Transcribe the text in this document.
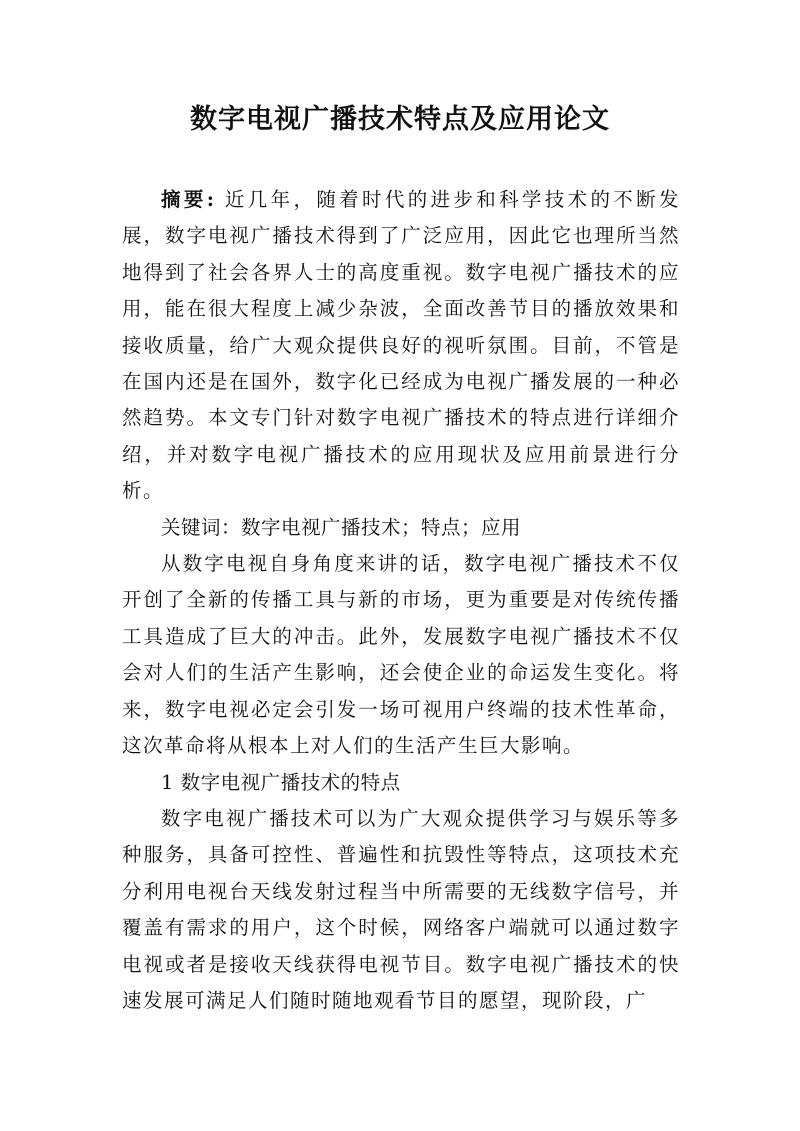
数字电视广播技术特点及应用论文

摘要: 近几年，随着时代的进步和科学技术的不断发展，数字电视广播技术得到了广泛应用，因此它也理所当然地得到了社会各界人士的高度重视。数字电视广播技术的应用，能在很大程度上减少杂波，全面改善节目的播放效果和接收质量，给广大观众提供良好的视听氛围。目前，不管是在国内还是在国外，数字化已经成为电视广播发展的一种必然趋势。本文专门针对数字电视广播技术的特点进行详细介绍，并对数字电视广播技术的应用现状及应用前景进行分析。

关键词：数字电视广播技术；特点；应用

从数字电视自身角度来讲的话，数字电视广播技术不仅开创了全新的传播工具与新的市场，更为重要是对传统传播工具造成了巨大的冲击。此外，发展数字电视广播技术不仅会对人们的生活产生影响，还会使企业的命运发生变化。将来，数字电视必定会引发一场可视用户终端的技术性革命，这次革命将从根本上对人们的生活产生巨大影响。

1 数字电视广播技术的特点

数字电视广播技术可以为广大观众提供学习与娱乐等多种服务，具备可控性、普遍性和抗毁性等特点，这项技术充分利用电视台天线发射过程当中所需要的无线数字信号，并覆盖有需求的用户，这个时候，网络客户端就可以通过数字电视或者是接收天线获得电视节目。数字电视广播技术的快速发展可满足人们随时随地观看节目的愿望，现阶段，广
